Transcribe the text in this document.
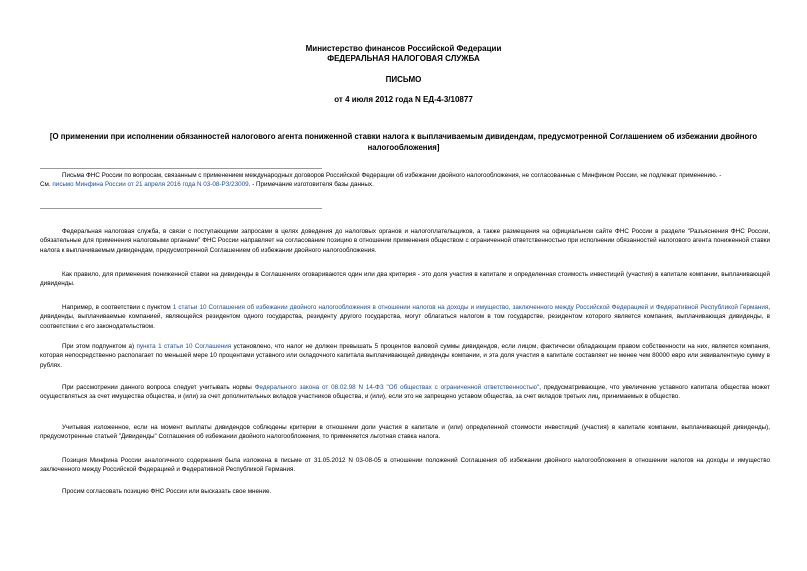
Министерство финансов Российской Федерации
ФЕДЕРАЛЬНАЯ НАЛОГОВАЯ СЛУЖБА
ПИСЬМО
от 4 июля 2012 года N ЕД-4-3/10877
[О применении при исполнении обязанностей налогового агента пониженной ставки налога к выплачиваемым дивидендам, предусмотренной Соглашением об избежании двойного налогообложения]

Письма ФНС России по вопросам, связанным с применением международных договоров Российской Федерации об избежании двойного налогообложения, не согласованные с Минфином России, не подлежат применению. -

См. письмо Минфина России от 21 апреля 2016 года N 03-08-РЗ/23009. - Примечание изготовителя базы данных.

Федеральная налоговая служба, в связи с поступающими запросами в целях доведения до налоговых органов и налогоплательщиков, а также размещения на официальном сайте ФНС России в разделе "Разъяснения ФНС России, обязательные для применения налоговыми органами" ФНС России направляет на согласование позицию в отношении применения обществом с ограниченной ответственностью при исполнении обязанностей налогового агента пониженной ставки налога к выплачиваемым дивидендам, предусмотренной Соглашением об избежании двойного налогообложения.

Как правило, для применения пониженной ставки на дивиденды в Соглашениях оговариваются один или два критерия - это доля участия в капитале и определенная стоимость инвестиций (участия) в капитале компании, выплачивающей дивиденды.

Например, в соответствии с пунктом 1 статьи 10 Соглашения об избежании двойного налогообложения в отношении налогов на доходы и имущество, заключенного между Российской Федерацией и Федеративной Республикой Германия, дивиденды, выплачиваемые компанией, являющейся резидентом одного государства, резиденту другого государства, могут облагаться налогом в том государстве, резидентом которого является компания, выплачивающая дивиденды, в соответствии с его законодательством.

При этом подпунктом а) пункта 1 статьи 10 Соглашения установлено, что налог не должен превышать 5 процентов валовой суммы дивидендов, если лицом, фактически обладающим правом собственности на них, является компания, которая непосредственно располагает по меньшей мере 10 процентами уставного или складочного капитала выплачивающей дивиденды компании, и эта доля участия в капитале составляет не менее чем 80000 евро или эквивалентную сумму в рублях.

При рассмотрении данного вопроса следует учитывать нормы Федерального закона от 08.02.98 N 14-ФЗ "Об обществах с ограниченной ответственностью", предусматривающие, что увеличение уставного капитала общества может осуществляться за счет имущества общества, и (или) за счет дополнительных вкладов участников общества, и (или), если это не запрещено уставом общества, за счет вкладов третьих лиц, принимаемых в общество.

Учитывая изложенное, если на момент выплаты дивидендов соблюдены критерии в отношении доли участия в капитале и (или) определенной стоимости инвестиций (участия) в капитале компании, выплачивающей дивиденды), предусмотренные статьей "Дивиденды" Соглашения об избежании двойного налогообложения, то применяется льготная ставка налога.

Позиция Минфина России аналогичного содержания была изложена в письме от 31.05.2012 N 03-08-05 в отношении положений Соглашения об избежании двойного налогообложения в отношении налогов на доходы и имущество заключенного между Российской Федерацией и Федеративной Республикой Германия.

Просим согласовать позицию ФНС России или высказать свое мнение.
